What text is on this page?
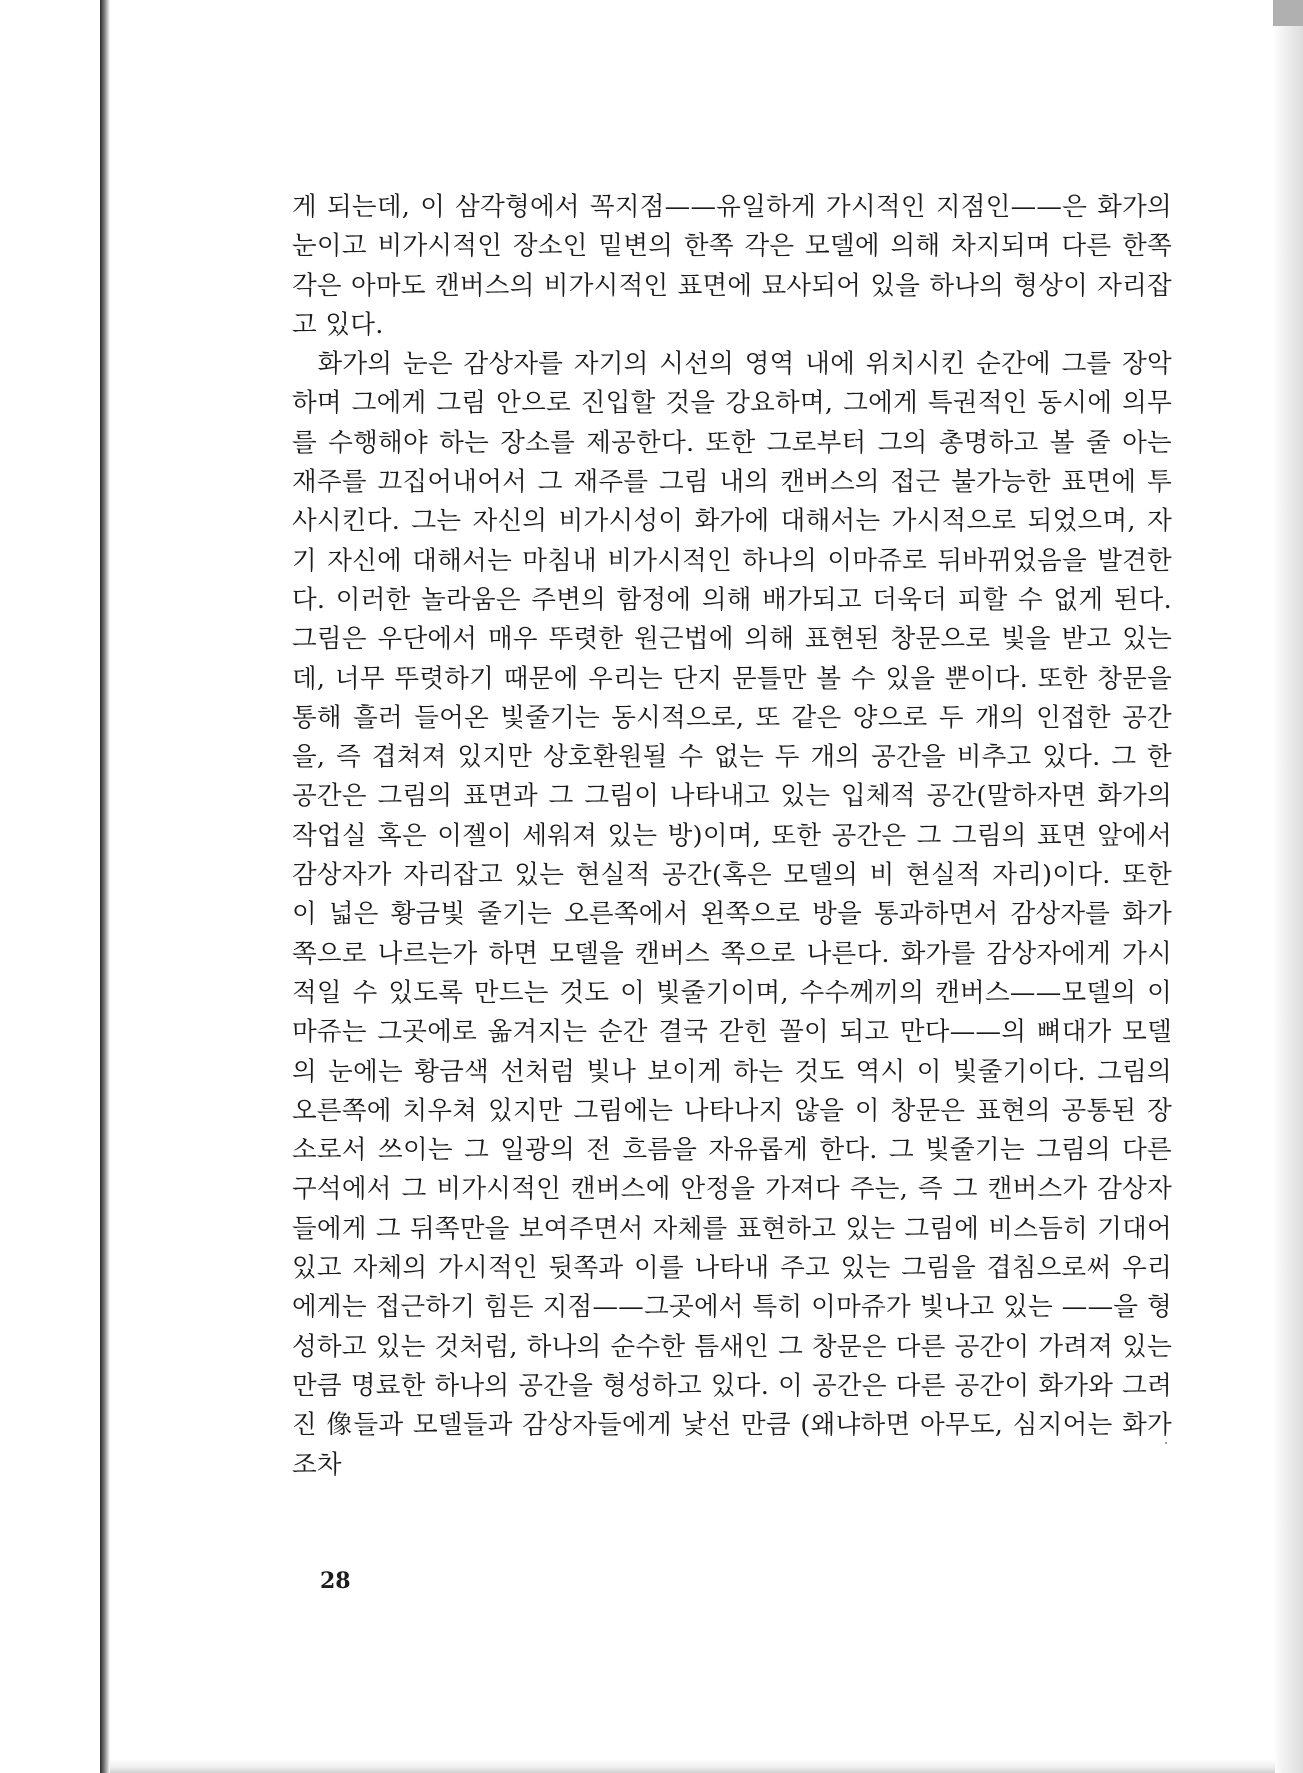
게 되는데, 이 삼각형에서 꼭지점——유일하게 가시적인 지점인——은 화가의 눈이고 비가시적인 장소인 밑변의 한쪽 각은 모델에 의해 차지되며 다른 한쪽 각은 아마도 캔버스의 비가시적인 표면에 묘사되어 있을 하나의 형상이 자리잡고 있다.

화가의 눈은 감상자를 자기의 시선의 영역 내에 위치시킨 순간에 그를 장악하며 그에게 그림 안으로 진입할 것을 강요하며, 그에게 특권적인 동시에 의무를 수행해야 하는 장소를 제공한다. 또한 그로부터 그의 총명하고 볼 줄 아는 재주를 끄집어내어서 그 재주를 그림 내의 캔버스의 접근 불가능한 표면에 투사시킨다. 그는 자신의 비가시성이 화가에 대해서는 가시적으로 되었으며, 자기 자신에 대해서는 마침내 비가시적인 하나의 이마쥬로 뒤바뀌었음을 발견한다. 이러한 놀라움은 주변의 함정에 의해 배가되고 더욱더 피할 수 없게 된다. 그림은 우단에서 매우 뚜렷한 원근법에 의해 표현된 창문으로 빛을 받고 있는데, 너무 뚜렷하기 때문에 우리는 단지 문틀만 볼 수 있을 뿐이다. 또한 창문을 통해 흘러 들어온 빛줄기는 동시적으로, 또 같은 양으로 두 개의 인접한 공간을, 즉 겹쳐져 있지만 상호환원될 수 없는 두 개의 공간을 비추고 있다. 그 한 공간은 그림의 표면과 그 그림이 나타내고 있는 입체적 공간(말하자면 화가의 작업실 혹은 이젤이 세워져 있는 방)이며, 또한 공간은 그 그림의 표면 앞에서 감상자가 자리잡고 있는 현실적 공간(혹은 모델의 비 현실적 자리)이다. 또한 이 넓은 황금빛 줄기는 오른쪽에서 왼쪽으로 방을 통과하면서 감상자를 화가 쪽으로 나르는가 하면 모델을 캔버스 쪽으로 나른다. 화가를 감상자에게 가시적일 수 있도록 만드는 것도 이 빛줄기이며, 수수께끼의 캔버스——모델의 이마쥬는 그곳에로 옮겨지는 순간 결국 갇힌 꼴이 되고 만다——의 뼈대가 모델의 눈에는 황금색 선처럼 빛나 보이게 하는 것도 역시 이 빛줄기이다. 그림의 오른쪽에 치우쳐 있지만 그림에는 나타나지 않을 이 창문은 표현의 공통된 장소로서 쓰이는 그 일광의 전 흐름을 자유롭게 한다. 그 빛줄기는 그림의 다른 구석에서 그 비가시적인 캔버스에 안정을 가져다 주는, 즉 그 캔버스가 감상자들에게 그 뒤쪽만을 보여주면서 자체를 표현하고 있는 그림에 비스듬히 기대어 있고 자체의 가시적인 뒷쪽과 이를 나타내 주고 있는 그림을 겹침으로써 우리에게는 접근하기 힘든 지점——그곳에서 특히 이마쥬가 빛나고 있는 ——을 형성하고 있는 것처럼, 하나의 순수한 틈새인 그 창문은 다른 공간이 가려져 있는 만큼 명료한 하나의 공간을 형성하고 있다. 이 공간은 다른 공간이 화가와 그려진 像들과 모델들과 감상자들에게 낯선 만큼 (왜냐하면 아무도, 심지어는 화가조차

28
